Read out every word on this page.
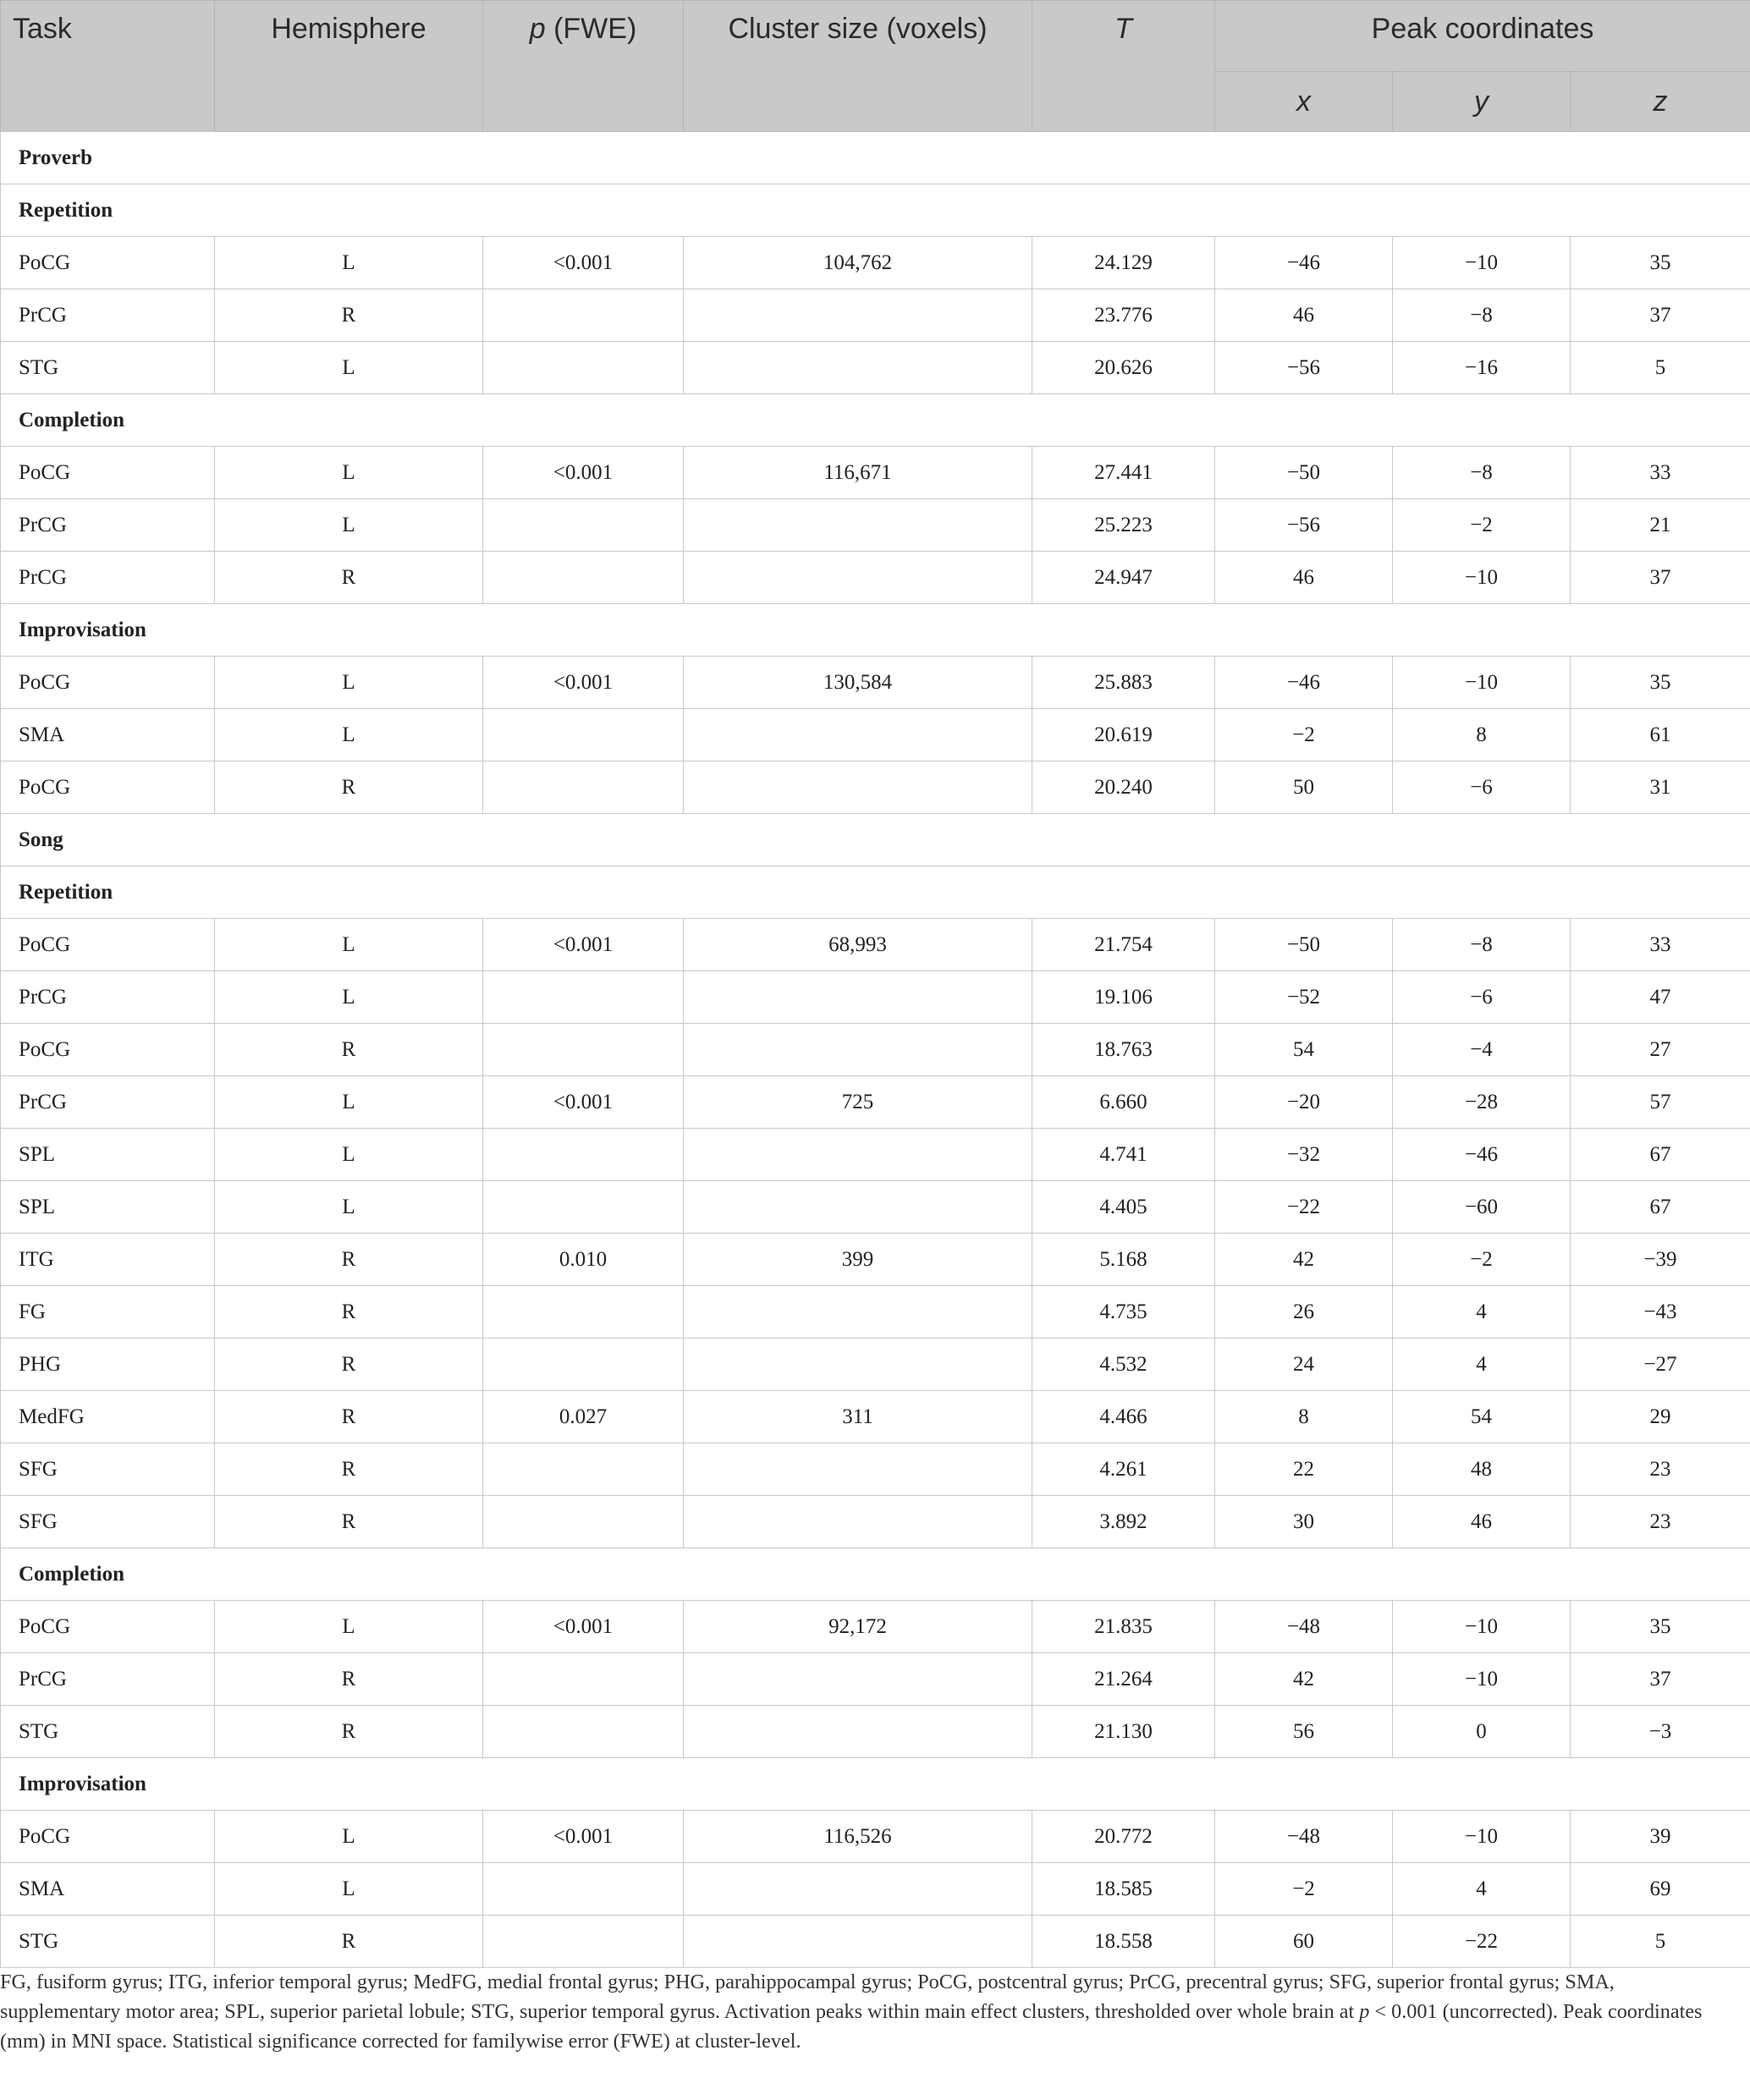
Task	Hemisphere	p (FWE)	Cluster size (voxels)	T	Peak coordinates		
					x	y	z
Proverb							
Repetition							
PoCG	L	<0.001	104,762	24.129	−46	−10	35
PrCG	R			23.776	46	−8	37
STG	L			20.626	−56	−16	5
Completion							
PoCG	L	<0.001	116,671	27.441	−50	−8	33
PrCG	L			25.223	−56	−2	21
PrCG	R			24.947	46	−10	37
Improvisation							
PoCG	L	<0.001	130,584	25.883	−46	−10	35
SMA	L			20.619	−2	8	61
PoCG	R			20.240	50	−6	31
Song							
Repetition							
PoCG	L	<0.001	68,993	21.754	−50	−8	33
PrCG	L			19.106	−52	−6	47
PoCG	R			18.763	54	−4	27
PrCG	L	<0.001	725	6.660	−20	−28	57
SPL	L			4.741	−32	−46	67
SPL	L			4.405	−22	−60	67
ITG	R	0.010	399	5.168	42	−2	−39
FG	R			4.735	26	4	−43
PHG	R			4.532	24	4	−27
MedFG	R	0.027	311	4.466	8	54	29
SFG	R			4.261	22	48	23
SFG	R			3.892	30	46	23
Completion							
PoCG	L	<0.001	92,172	21.835	−48	−10	35
PrCG	R			21.264	42	−10	37
STG	R			21.130	56	0	−3
Improvisation							
PoCG	L	<0.001	116,526	20.772	−48	−10	39
SMA	L			18.585	−2	4	69
STG	R			18.558	60	−22	5
FG, fusiform gyrus; ITG, inferior temporal gyrus; MedFG, medial frontal gyrus; PHG, parahippocampal gyrus; PoCG, postcentral gyrus; PrCG, precentral gyrus; SFG, superior frontal gyrus; SMA, supplementary motor area; SPL, superior parietal lobule; STG, superior temporal gyrus. Activation peaks within main effect clusters, thresholded over whole brain at p < 0.001 (uncorrected). Peak coordinates (mm) in MNI space. Statistical significance corrected for familywise error (FWE) at cluster-level.
